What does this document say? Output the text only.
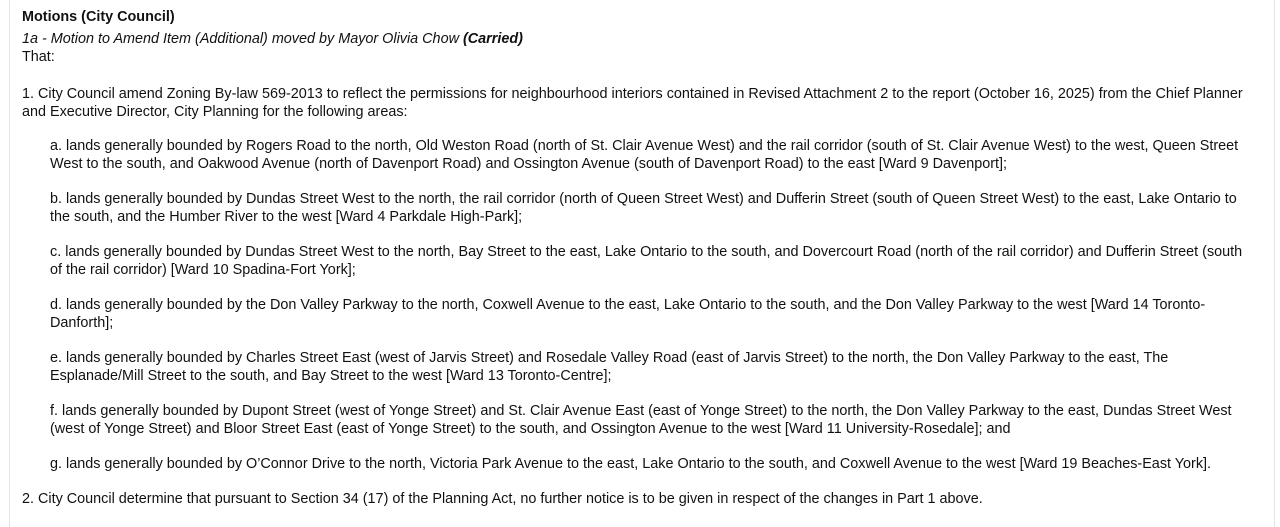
Motions (City Council)
1a - Motion to Amend Item (Additional) moved by Mayor Olivia Chow (Carried)
That:
1. City Council amend Zoning By-law 569-2013 to reflect the permissions for neighbourhood interiors contained in Revised Attachment 2 to the report (October 16, 2025) from the Chief Planner and Executive Director, City Planning for the following areas:
a. lands generally bounded by Rogers Road to the north, Old Weston Road (north of St. Clair Avenue West) and the rail corridor (south of St. Clair Avenue West) to the west, Queen Street West to the south, and Oakwood Avenue (north of Davenport Road) and Ossington Avenue (south of Davenport Road) to the east [Ward 9 Davenport];
b. lands generally bounded by Dundas Street West to the north, the rail corridor (north of Queen Street West) and Dufferin Street (south of Queen Street West) to the east, Lake Ontario to the south, and the Humber River to the west [Ward 4 Parkdale High-Park];
c. lands generally bounded by Dundas Street West to the north, Bay Street to the east, Lake Ontario to the south, and Dovercourt Road (north of the rail corridor) and Dufferin Street (south of the rail corridor) [Ward 10 Spadina-Fort York];
d. lands generally bounded by the Don Valley Parkway to the north, Coxwell Avenue to the east, Lake Ontario to the south, and the Don Valley Parkway to the west [Ward 14 Toronto-Danforth];
e. lands generally bounded by Charles Street East (west of Jarvis Street) and Rosedale Valley Road (east of Jarvis Street) to the north, the Don Valley Parkway to the east, The Esplanade/Mill Street to the south, and Bay Street to the west [Ward 13 Toronto-Centre];
f. lands generally bounded by Dupont Street (west of Yonge Street) and St. Clair Avenue East (east of Yonge Street) to the north, the Don Valley Parkway to the east, Dundas Street West (west of Yonge Street) and Bloor Street East (east of Yonge Street) to the south, and Ossington Avenue to the west [Ward 11 University-Rosedale]; and
g. lands generally bounded by O’Connor Drive to the north, Victoria Park Avenue to the east, Lake Ontario to the south, and Coxwell Avenue to the west [Ward 19 Beaches-East York].
2. City Council determine that pursuant to Section 34 (17) of the Planning Act, no further notice is to be given in respect of the changes in Part 1 above.
